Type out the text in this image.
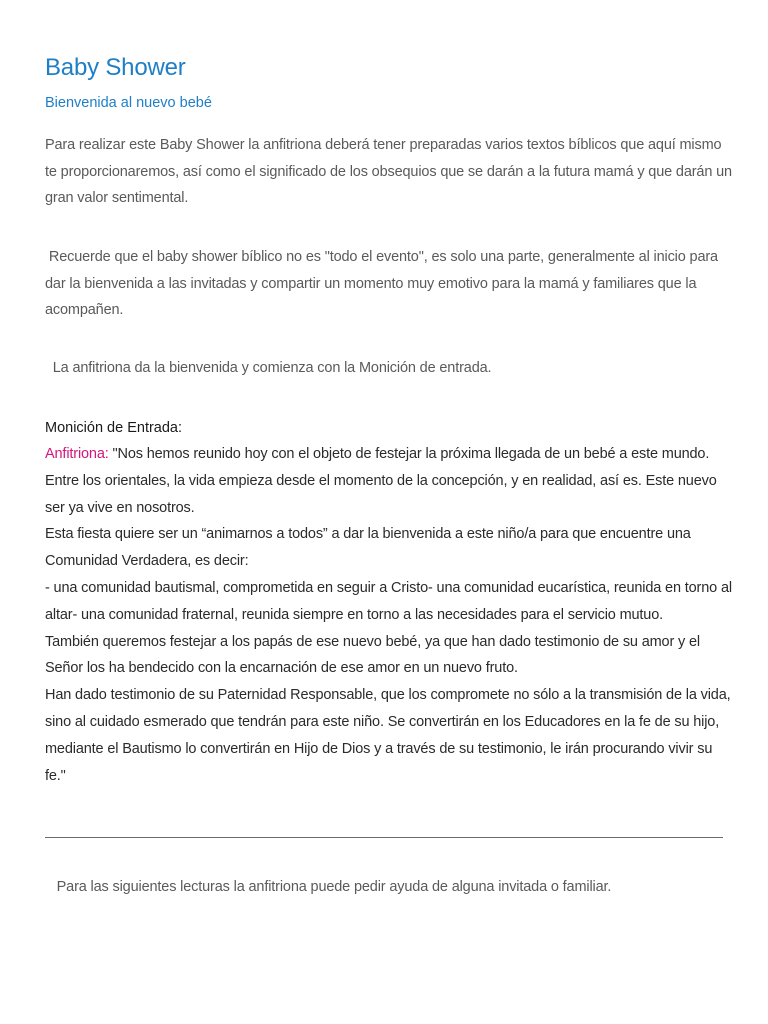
Baby Shower
Bienvenida al nuevo bebé

Para realizar este Baby Shower la anfitriona deberá tener preparadas varios textos bíblicos que aquí mismo te proporcionaremos, así como el significado de los obsequios que se darán a la futura mamá y que darán un gran valor sentimental.

Recuerde que el baby shower bíblico no es "todo el evento", es solo una parte, generalmente al inicio para dar la bienvenida a las invitadas y compartir un momento muy emotivo para la mamá y familiares que la acompañen.

La anfitriona da la bienvenida y comienza con la Monición de entrada.

Monición de Entrada:
Anfitriona: "Nos hemos reunido hoy con el objeto de festejar la próxima llegada de un bebé a este mundo. Entre los orientales, la vida empieza desde el momento de la concepción, y en realidad, así es. Este nuevo ser ya vive en nosotros.
Esta fiesta quiere ser un “animarnos a todos” a dar la bienvenida a este niño/a para que encuentre una Comunidad Verdadera, es decir:
- una comunidad bautismal, comprometida en seguir a Cristo- una comunidad eucarística, reunida en torno al altar- una comunidad fraternal, reunida siempre en torno a las necesidades para el servicio mutuo.
También queremos festejar a los papás de ese nuevo bebé, ya que han dado testimonio de su amor y el Señor los ha bendecido con la encarnación de ese amor en un nuevo fruto.
Han dado testimonio de su Paternidad Responsable, que los compromete no sólo a la transmisión de la vida, sino al cuidado esmerado que tendrán para este niño. Se convertirán en los Educadores en la fe de su hijo, mediante el Bautismo lo convertirán en Hijo de Dios y a través de su testimonio, le irán procurando vivir su fe."

Para las siguientes lecturas la anfitriona puede pedir ayuda de alguna invitada o familiar.
